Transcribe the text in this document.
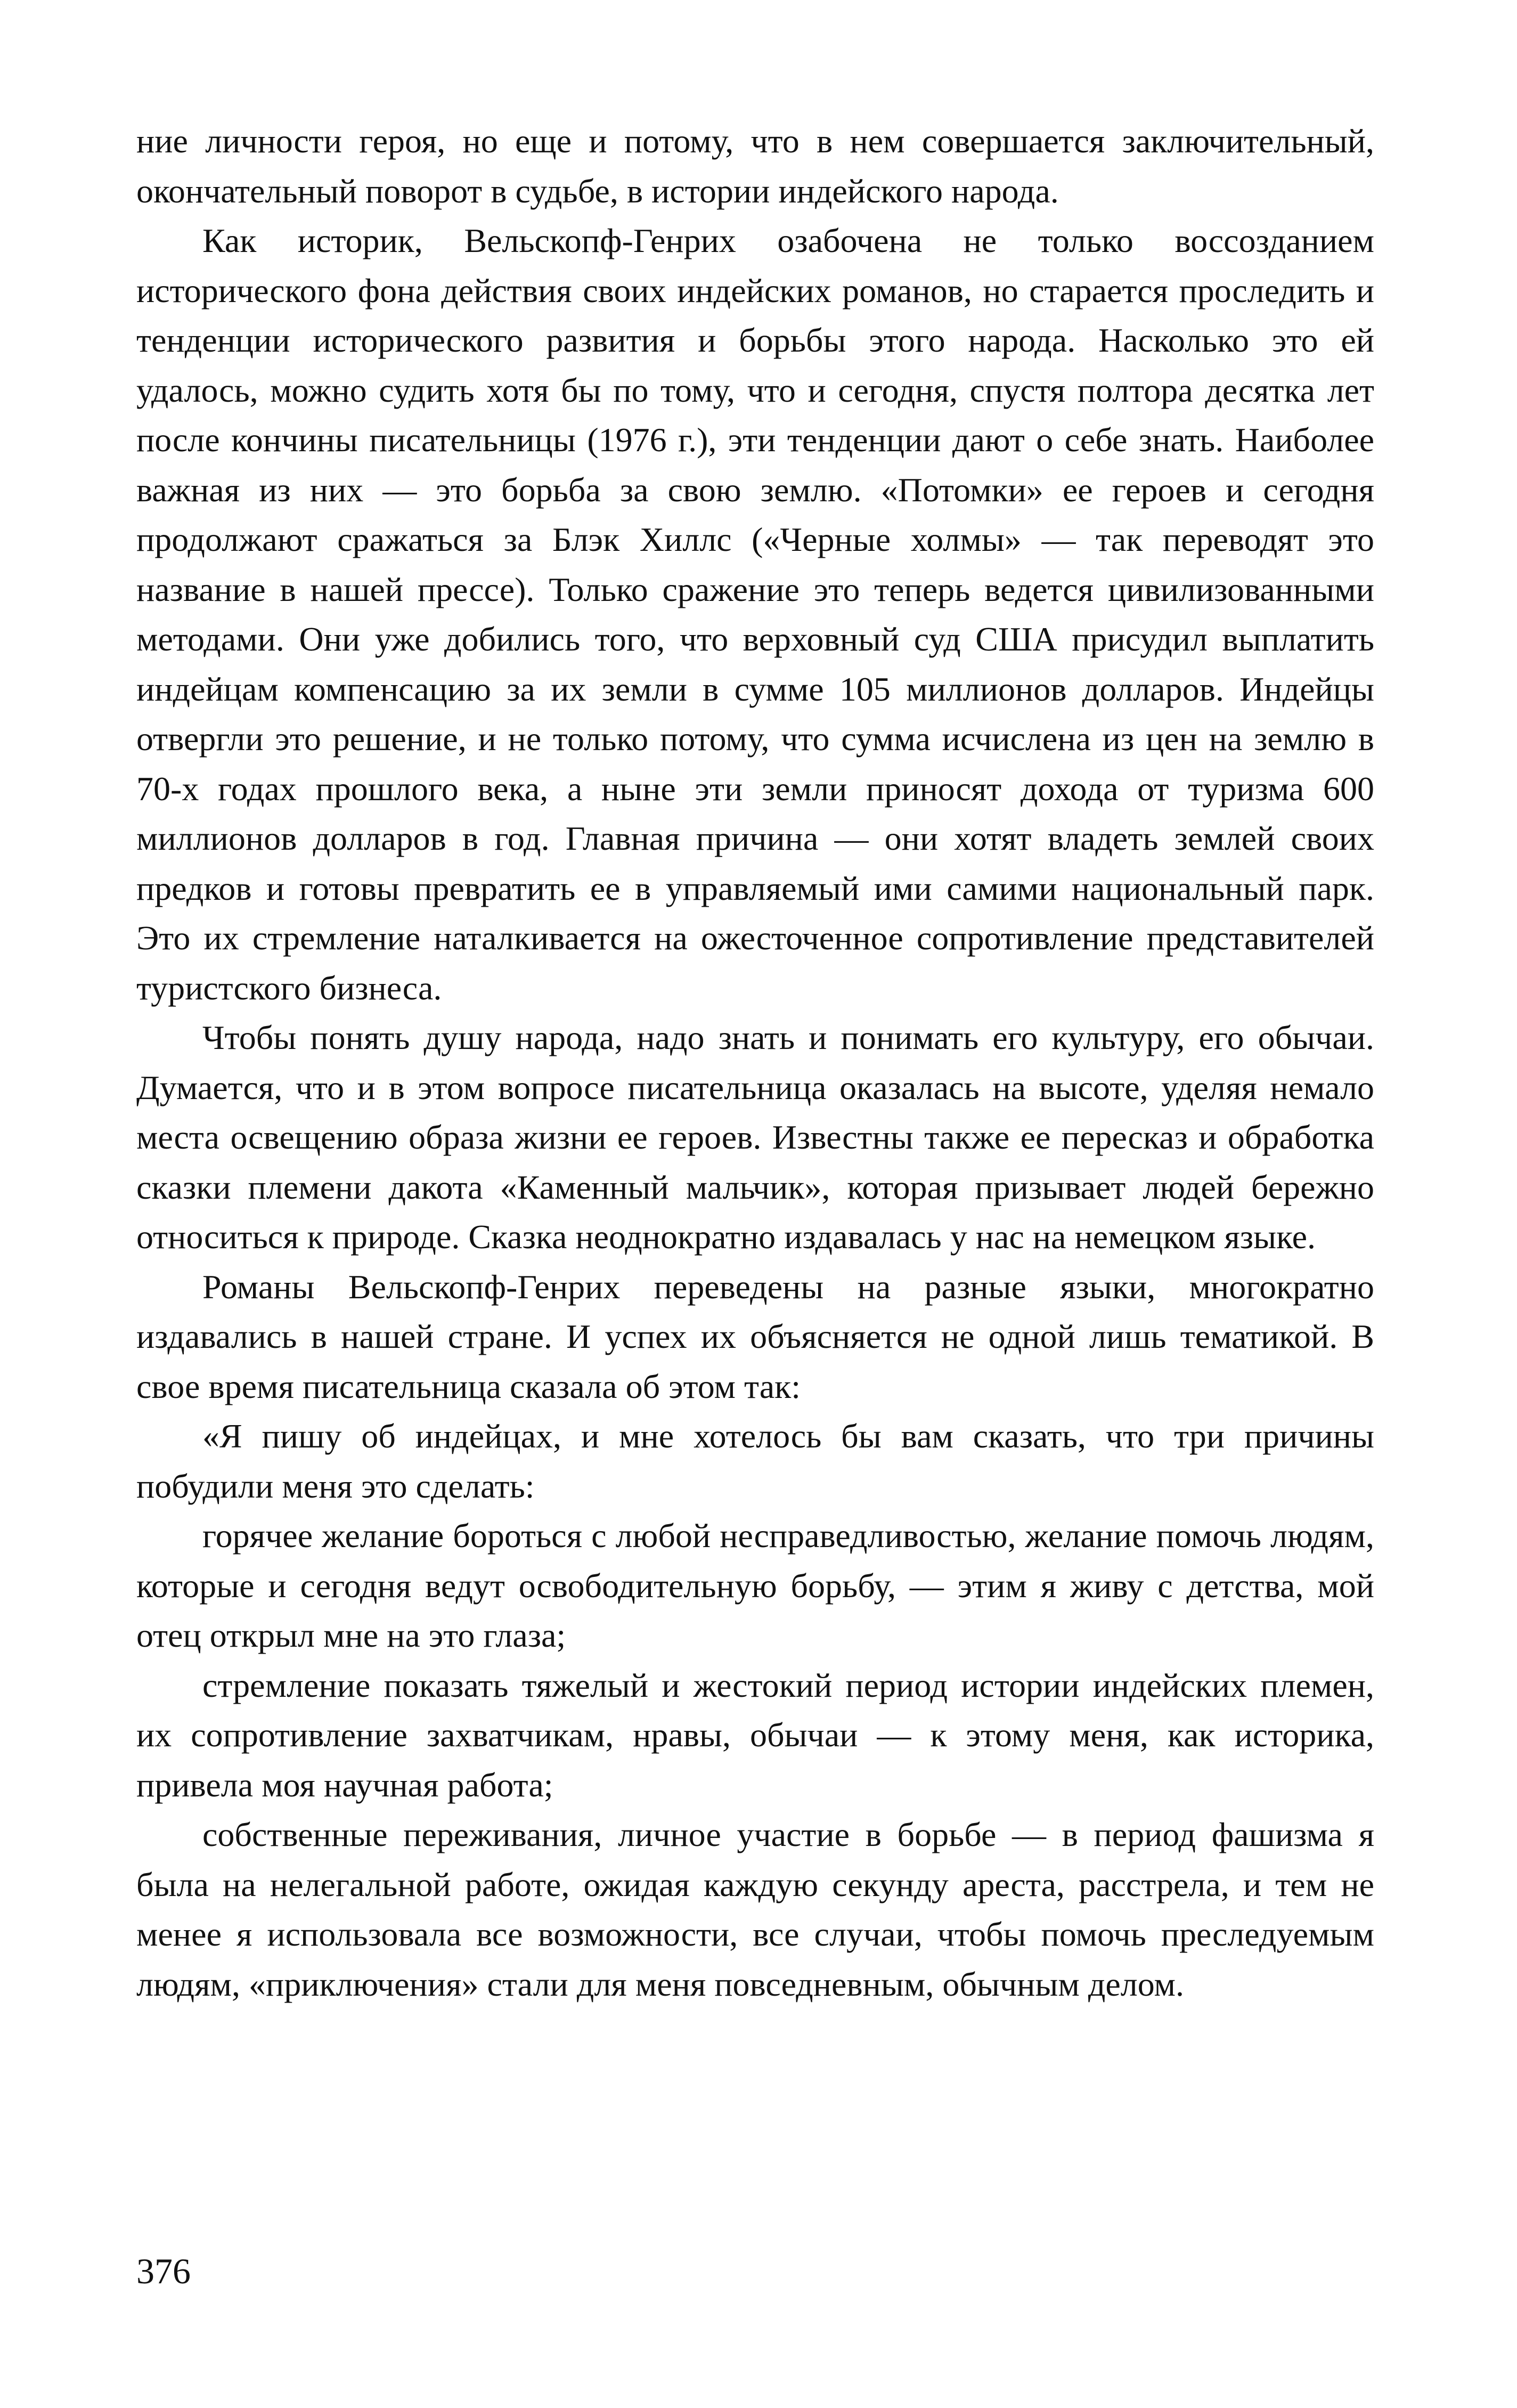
ние личности героя, но еще и потому, что в нем совершается заключительный, окончательный поворот в судьбе, в истории индейского народа.

Как историк, Вельскопф-Генрих озабочена не только воссозданием исторического фона действия своих индейских романов, но старается проследить и тенденции исторического развития и борьбы этого народа. Насколько это ей удалось, можно судить хотя бы по тому, что и сегодня, спустя полтора десятка лет после кончины писательницы (1976 г.), эти тенденции дают о себе знать. Наиболее важная из них — это борьба за свою землю. «Потомки» ее героев и сегодня продолжают сражаться за Блэк Хиллс («Черные холмы» — так переводят это название в нашей прессе). Только сражение это теперь ведется цивилизованными методами. Они уже добились того, что верховный суд США присудил выплатить индейцам компенсацию за их земли в сумме 105 миллионов долларов. Индейцы отвергли это решение, и не только потому, что сумма исчислена из цен на землю в 70-х годах прошлого века, а ныне эти земли приносят дохода от туризма 600 миллионов долларов в год. Главная причина — они хотят владеть землей своих предков и готовы превратить ее в управляемый ими самими национальный парк. Это их стремление наталкивается на ожесточенное сопротивление представителей туристского бизнеса.

Чтобы понять душу народа, надо знать и понимать его культуру, его обычаи. Думается, что и в этом вопросе писательница оказалась на высоте, уделяя немало места освещению образа жизни ее героев. Известны также ее пересказ и обработка сказки племени дакота «Каменный мальчик», которая призывает людей бережно относиться к природе. Сказка неоднократно издавалась у нас на немецком языке.

Романы Вельскопф-Генрих переведены на разные языки, многократно издавались в нашей стране. И успех их объясняется не одной лишь тематикой. В свое время писательница сказала об этом так:

«Я пишу об индейцах, и мне хотелось бы вам сказать, что три причины побудили меня это сделать:

горячее желание бороться с любой несправедливостью, желание помочь людям, которые и сегодня ведут освободительную борьбу, — этим я живу с детства, мой отец открыл мне на это глаза;

стремление показать тяжелый и жестокий период истории индейских племен, их сопротивление захватчикам, нравы, обычаи — к этому меня, как историка, привела моя научная работа;

собственные переживания, личное участие в борьбе — в период фашизма я была на нелегальной работе, ожидая каждую секунду ареста, расстрела, и тем не менее я использовала все возможности, все случаи, чтобы помочь преследуемым людям, «приключения» стали для меня повседневным, обычным делом.

376
